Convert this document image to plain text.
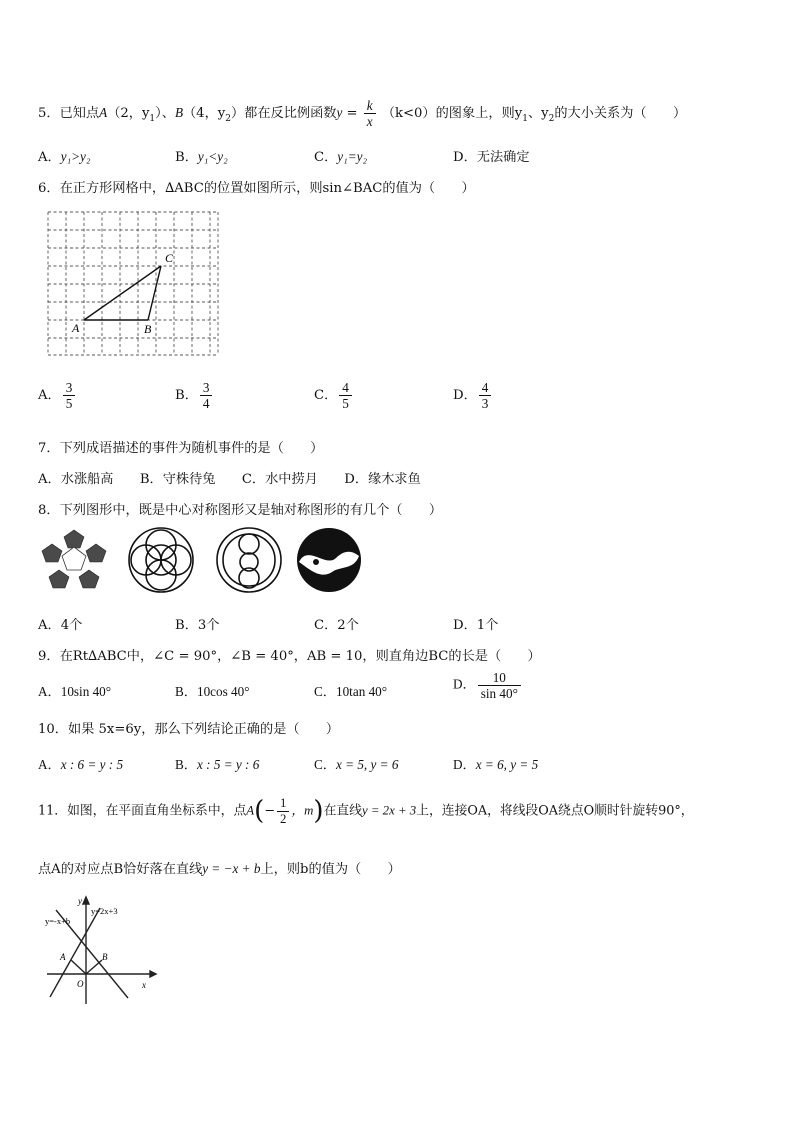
5．已知点A（2，$y_1$）、B（4，$y_2$）都在反比例函数$y = \frac{k}{x} (k<0)$的图象上，则$y_1$、$y_2$的大小关系为（　　）
A．y₁>y₂	B．y₁<y₂	C．y₁=y₂	D．无法确定
6．在正方形网格中，∆ABC的位置如图所示，则sin∠BAC的值为（　　）
A	B
C
A． $\frac{3}{5}$	B． $\frac{3}{4}$	C． $\frac{4}{5}$	D． $\frac{4}{3}$
7．下列成语描述的事件为随机事件的是（　　）
A．水涨船高　　B．守株待兔　　C．水中捞月　　D．缘木求鱼
8．下列图形中，既是中心对称图形又是轴对称图形的有几个（　　）
A．4个	B．3个	C．2个	D．1个
9．在Rt∆ABC中，∠C = 90°，∠B = 40°，AB = 10，则直角边BC的长是（　　）
A．10sin 40°	B．10cos 40°	C．10tan 40°	D． $\frac{10}{\sin 40^\circ}$
10．如果 5x=6y，那么下列结论正确的是（　　）
A．x : 6 = y : 5	B．x : 5 = y : 6	C．x = 5, y = 6	D．x = 6, y = 5
11．如图，在平面直角坐标系中，点$A(- \frac{1}{2}$ ，m)在直线y = 2x + 3上，连接OA，将线段OA绕点O顺时针旋转90°，
点A的对应点B恰好落在直线y = −x + b上，则b的值为（　　）
y=-x+b
y=2x+3
y
x
O
A	B
